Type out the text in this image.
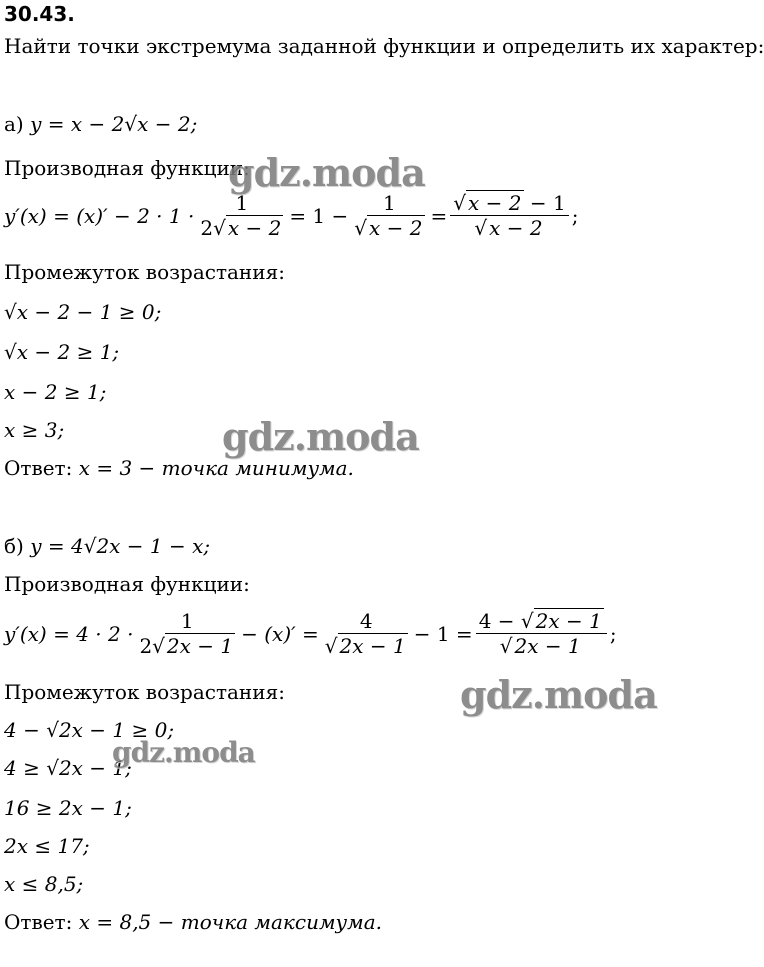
30.43.
Найти точки экстремума заданной функции и определить их характер:
а) y = x − 2√x − 2;
Производная функции:
$y'(x) = (x)' - 2 \cdot 1 \cdot \frac{1}{2√ x - 2} = 1 - \frac{1}{√ x - 2} = \frac{√ x - 2 - 1}{√ x - 2}$ ;
Промежуток возрастания:
√x − 2 − 1 ≥ 0;
√x − 2 ≥ 1;
x − 2 ≥ 1;
x ≥ 3;
Ответ: x = 3 − точка минимума.
б) y = 4√2x − 1 − x;
Производная функции:
$y'(x) = 4 \cdot 2 \cdot \frac{1}{2√ 2x - 1} - (x)' = \frac{4}{√ 2x - 1} - 1 = \frac{4 - √ 2x - 1}{√ 2x - 1}$ ;
Промежуток возрастания:
4 − √2x − 1 ≥ 0;
4 ≥ √2x − 1;
16 ≥ 2x − 1;
2x ≤ 17;
x ≤ 8,5;
Ответ: x = 8,5 − точка максимума.
gdz.moda
gdz.moda
gdz.moda
gdz.moda
